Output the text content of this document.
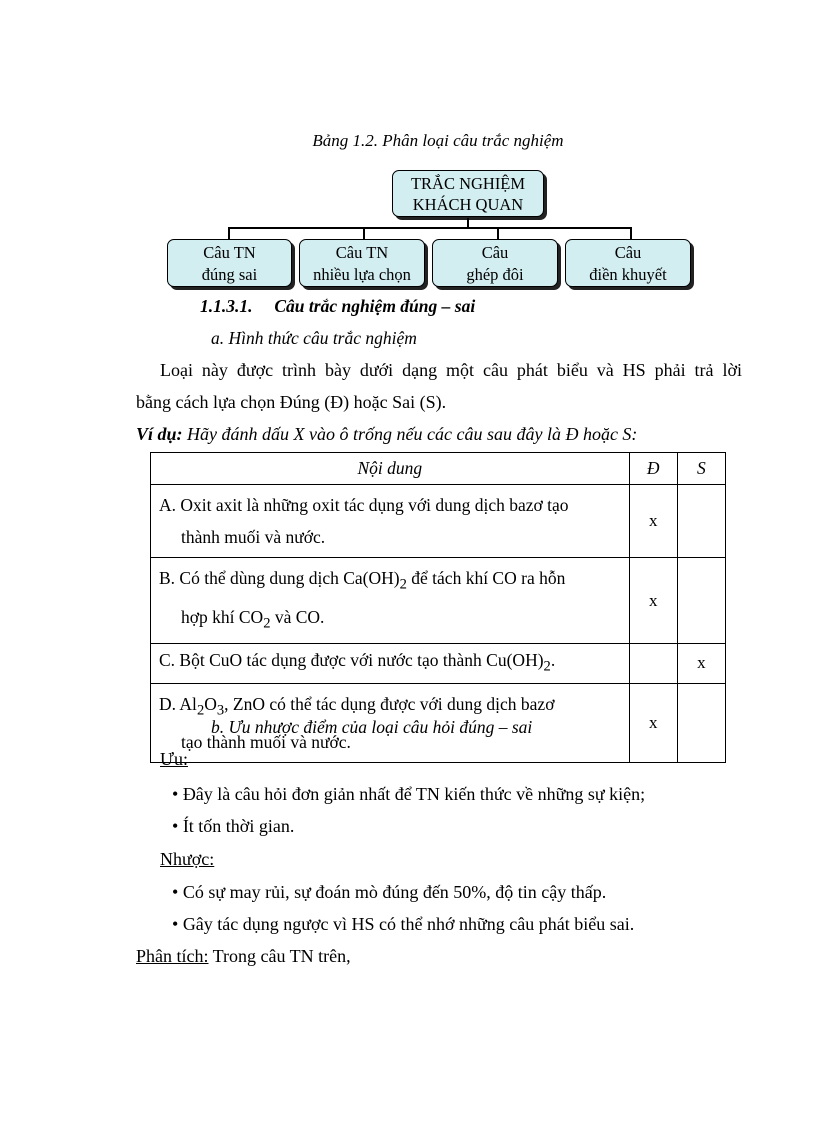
Bảng 1.2. Phân loại câu trắc nghiệm
TRẮC NGHIỆM
KHÁCH QUAN
Câu TN
đúng sai
Câu TN
nhiều lựa chọn
Câu
ghép đôi
Câu
điền khuyết
1.1.3.1. Câu trắc nghiệm đúng – sai
a. Hình thức câu trắc nghiệm
Loại này được trình bày dưới dạng một câu phát biểu và HS phải trả lời
bằng cách lựa chọn Đúng (Đ) hoặc Sai (S).
Ví dụ: Hãy đánh dấu X vào ô trống nếu các câu sau đây là Đ hoặc S:
Nội dung	Đ	S

A. Oxit axit là những oxit tác dụng với dung dịch bazơ tạo
thành muối và nước.	x	

B. Có thể dùng dung dịch $Ca(OH)_2$ để tách khí CO ra hỗn
hợp khí $CO_2$ và CO.	x	

C. Bột CuO tác dụng được với nước tạo thành $Cu(OH)_2$.		x

D. $Al_2O_3$, ZnO có thể tác dụng được với dung dịch bazơ
tạo thành muối và nước.	x	
b. Ưu nhược điểm của loại câu hỏi đúng – sai
Ưu:
• Đây là câu hỏi đơn giản nhất để TN kiến thức về những sự kiện;
• Ít tốn thời gian.
Nhược:
• Có sự may rủi, sự đoán mò đúng đến 50%, độ tin cậy thấp.
• Gây tác dụng ngược vì HS có thể nhớ những câu phát biểu sai.
Phân tích: Trong câu TN trên,
